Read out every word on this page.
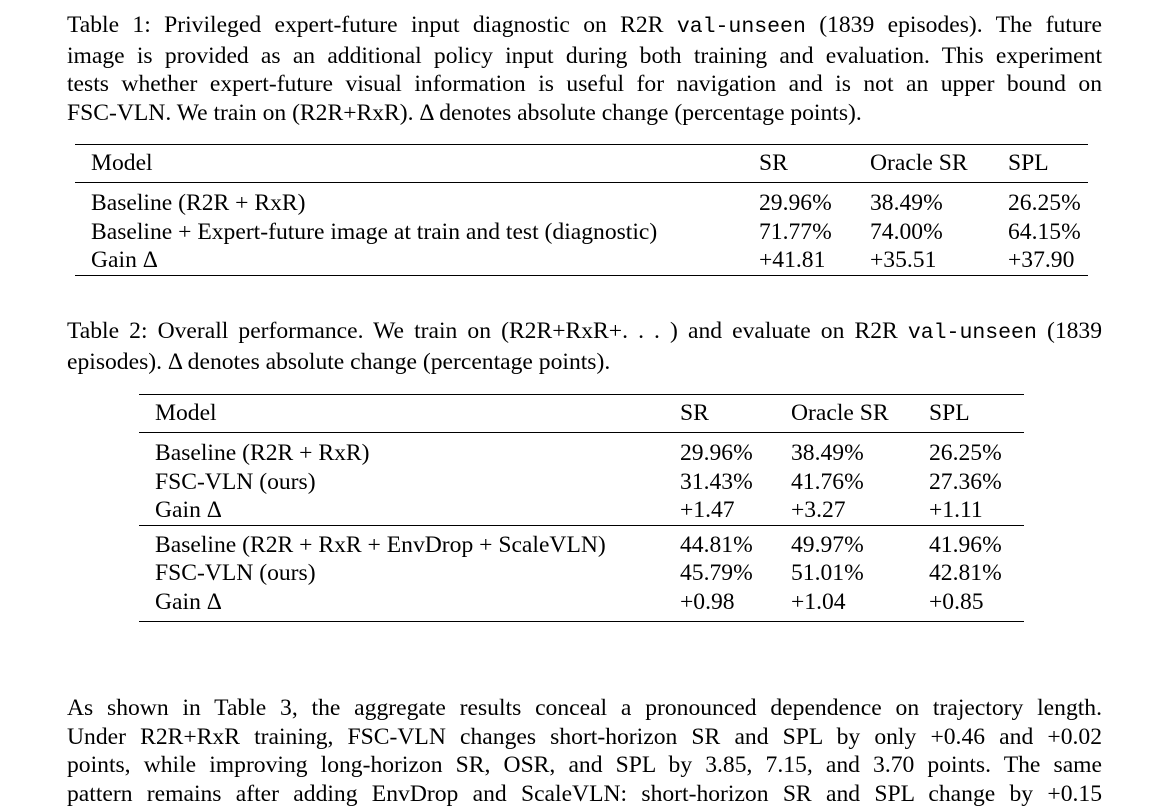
Table 1: Privileged expert-future input diagnostic on R2R val-unseen (1839 episodes). The future
image is provided as an additional policy input during both training and evaluation. This experiment
tests whether expert-future visual information is useful for navigation and is not an upper bound on
FSC-VLN. We train on (R2R+RxR). Δ denotes absolute change (percentage points).
Model	SR	Oracle SR	SPL
Baseline (R2R + RxR)	29.96%	38.49%	26.25%
Baseline + Expert-future image at train and test (diagnostic)	71.77%	74.00%	64.15%
Gain Δ	+41.81	+35.51	+37.90
Table 2: Overall performance. We train on (R2R+RxR+. . . ) and evaluate on R2R val-unseen (1839
episodes). Δ denotes absolute change (percentage points).
Model	SR	Oracle SR	SPL
Baseline (R2R + RxR)	29.96%	38.49%	26.25%
FSC-VLN (ours)	31.43%	41.76%	27.36%
Gain Δ	+1.47	+3.27	+1.11
Baseline (R2R + RxR + EnvDrop + ScaleVLN)	44.81%	49.97%	41.96%
FSC-VLN (ours)	45.79%	51.01%	42.81%
Gain Δ	+0.98	+1.04	+0.85
As shown in Table 3, the aggregate results conceal a pronounced dependence on trajectory length.
Under R2R+RxR training, FSC-VLN changes short-horizon SR and SPL by only +0.46 and +0.02
points, while improving long-horizon SR, OSR, and SPL by 3.85, 7.15, and 3.70 points. The same
pattern remains after adding EnvDrop and ScaleVLN: short-horizon SR and SPL change by +0.15
